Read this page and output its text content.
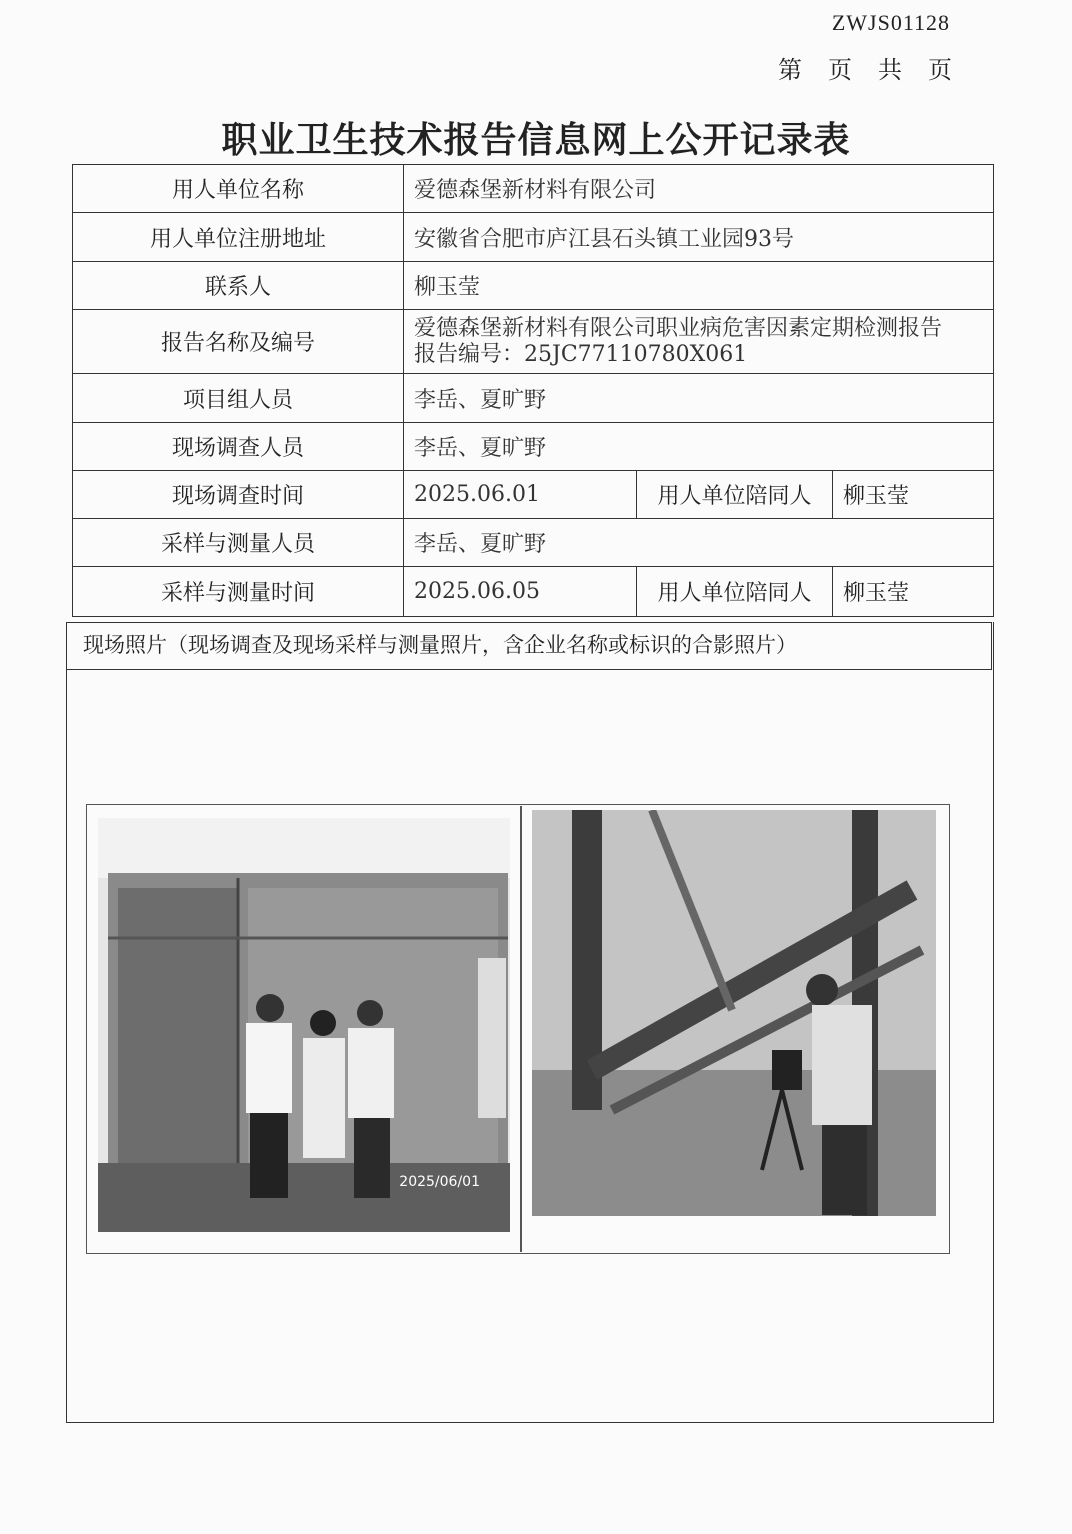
ZWJS01128
第 页 共 页
职业卫生技术报告信息网上公开记录表
用人单位名称	爱德森堡新材料有限公司		
用人单位注册地址	安徽省合肥市庐江县石头镇工业园93号		
联系人	柳玉莹		
报告名称及编号	爱德森堡新材料有限公司职业病危害因素定期检测报告
报告编号：25JC77110780X061		

项目组人员	李岳、夏旷野		
现场调查人员	李岳、夏旷野		
现场调查时间	2025.06.01	用人单位陪同人	柳玉莹
采样与测量人员	李岳、夏旷野		
采样与测量时间	2025.06.05	用人单位陪同人	柳玉莹
现场照片（现场调查及现场采样与测量照片，含企业名称或标识的合影照片）
2025/06/01
